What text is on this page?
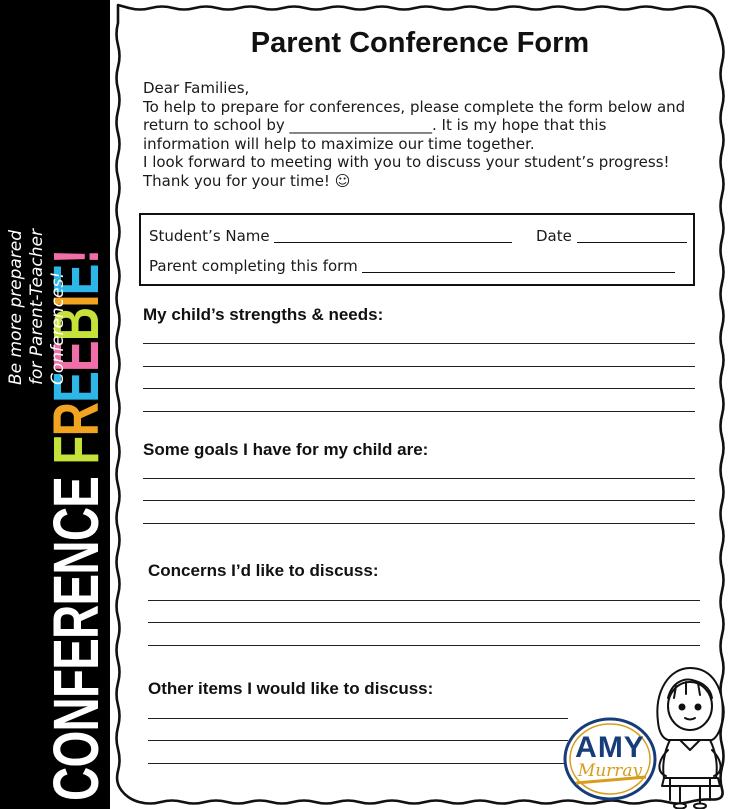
CONFERENCE FREEBIE!
Be more prepared for Parent-Teacher Conferences!
Parent Conference Form
Dear Families,
To help to prepare for conferences, please complete the form below and
return to school by ___________________. It is my hope that this
information will help to maximize our time together.
I look forward to meeting with you to discuss your student’s progress!
Thank you for your time! ☺
Student’s Name	Date
Parent completing this form
My child’s strengths & needs:
Some goals I have for my child are:
Concerns I’d like to discuss:
Other items I would like to discuss:
AMY
Murray
